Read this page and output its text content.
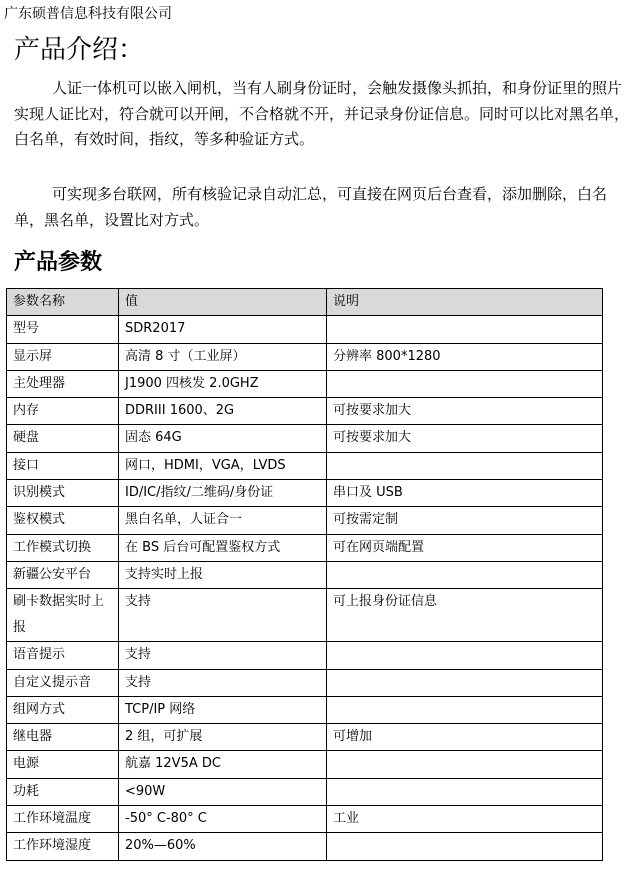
广东硕普信息科技有限公司
产品介绍：

人证一体机可以嵌入闸机，当有人刷身份证时，会触发摄像头抓拍，和身份证里的照片实现人证比对，符合就可以开闸，不合格就不开，并记录身份证信息。同时可以比对黑名单，白名单，有效时间，指纹，等多种验证方式。

可实现多台联网，所有核验记录自动汇总，可直接在网页后台查看，添加删除，白名单，黑名单，设置比对方式。

产品参数
参数名称	值	说明
型号	SDR2017	
显示屏	高清 8 寸（工业屏）	分辨率 800*1280
主处理器	J1900 四核发 2.0GHZ	
内存	DDRIII 1600、2G	可按要求加大
硬盘	固态 64G	可按要求加大
接口	网口，HDMI，VGA，LVDS	
识别模式	ID/IC/指纹/二维码/身份证	串口及 USB
鉴权模式	黑白名单，人证合一	可按需定制
工作模式切换	在 BS 后台可配置鉴权方式	可在网页端配置
新疆公安平台	支持实时上报	
刷卡数据实时上报	支持	可上报身份证信息
语音提示	支持	
自定义提示音	支持	
组网方式	TCP/IP 网络	
继电器	2 组，可扩展	可增加
电源	航嘉 12V5A DC	
功耗	<90W	
工作环境温度	-50° C-80° C	工业
工作环境湿度	20%—60%	
